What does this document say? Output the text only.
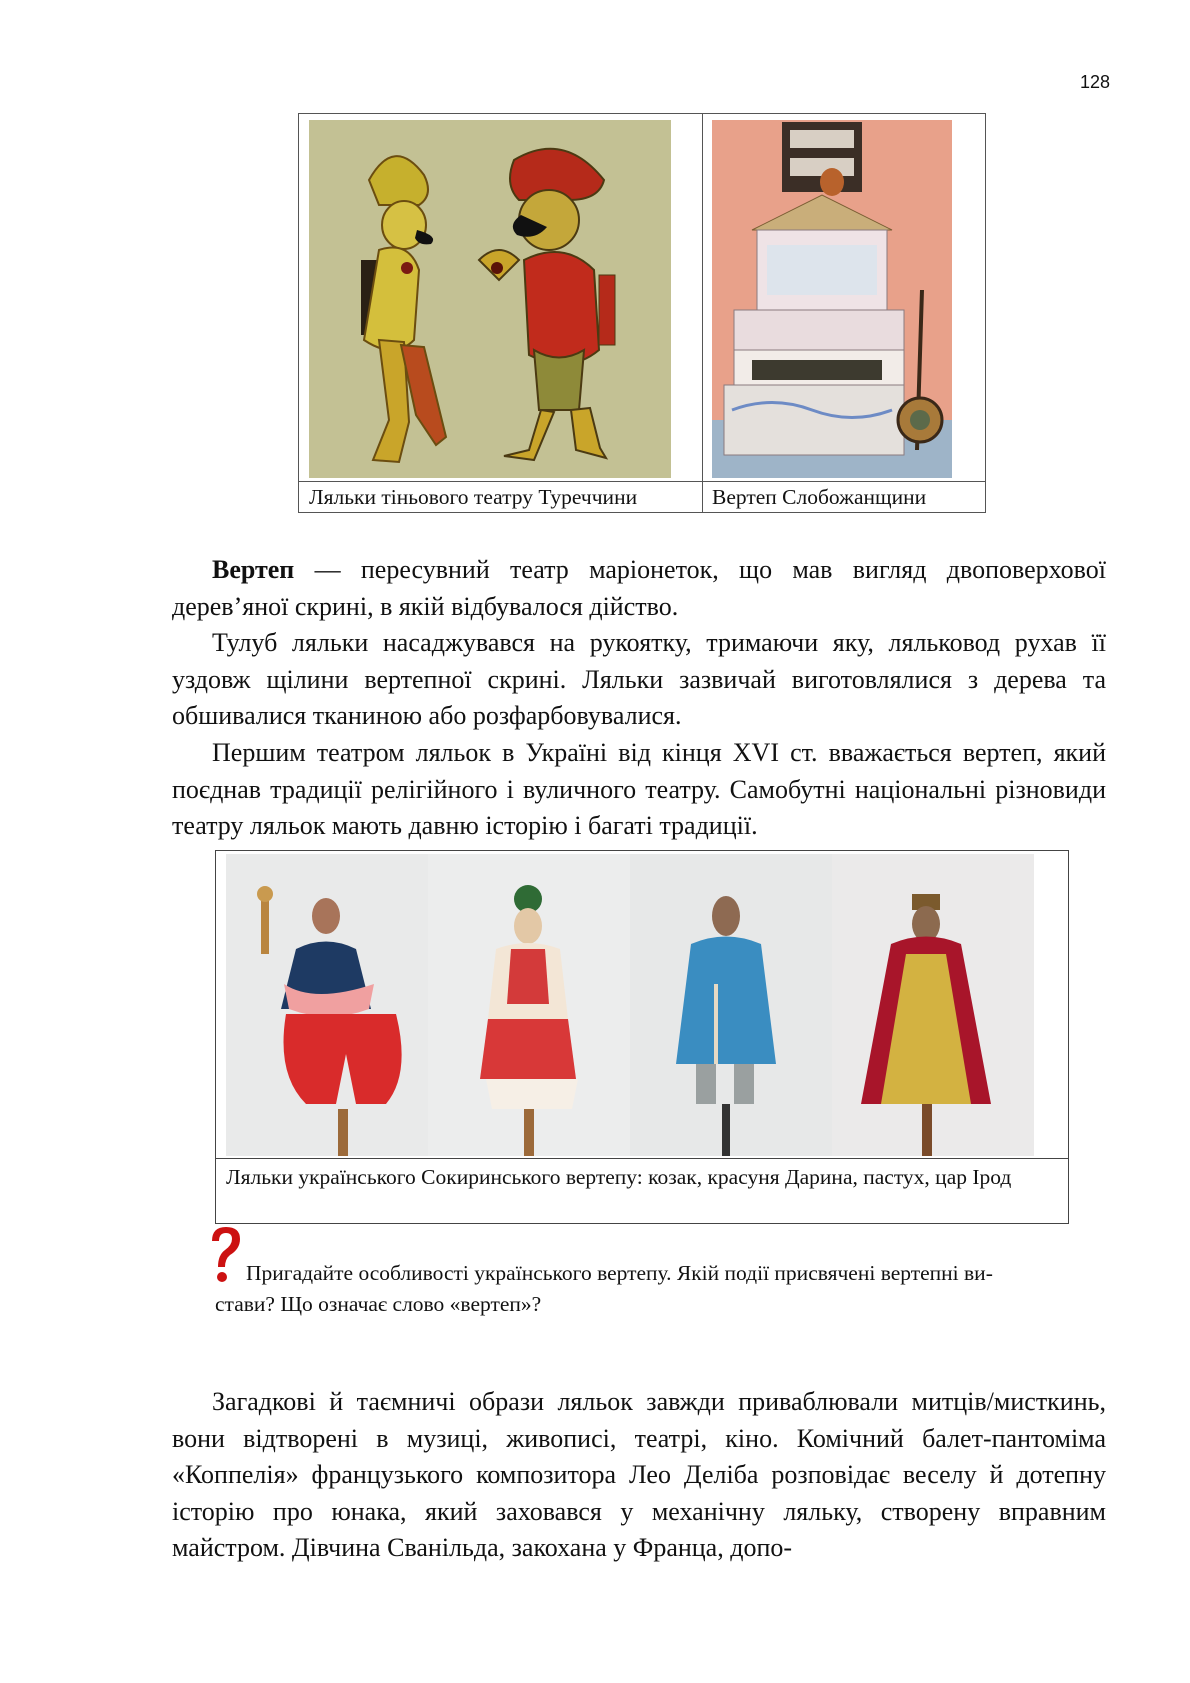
128
Ляльки тіньового театру Туреччини	Вертеп Слобожанщини

Вертеп — пересувний театр маріонеток, що мав вигляд двоповерхової дерев’яної скрині, в якій відбувалося дійство.

Тулуб ляльки насаджувався на рукоятку, тримаючи яку, ляльковод рухав її уздовж щілини вертепної скрині. Ляльки зазвичай виготовлялися з дерева та обшивалися тканиною або розфарбовувалися.

Першим театром ляльок в Україні від кінця XVI ст. вважається вертеп, який поєднав традиції релігійного і вуличного театру. Самобутні національні різновиди театру ляльок мають давню історію і багаті традиції.

Ляльки українського Сокиринського вертепу: козак, красуня Дарина, пастух, цар Ірод
Пригадайте особливості українського вертепу. Якій події присвячені вертепні ви-
стави? Що означає слово «вертеп»?

Загадкові й таємничі образи ляльок завжди приваблювали митців/мисткинь, вони відтворені в музиці, живописі, театрі, кіно. Комічний балет-пантоміма «Коппелія» французького композитора Лео Деліба розповідає веселу й дотепну історію про юнака, який заховався у механічну ляльку, створену вправним майстром. Дівчина Сванільда, закохана у Франца, допо-
